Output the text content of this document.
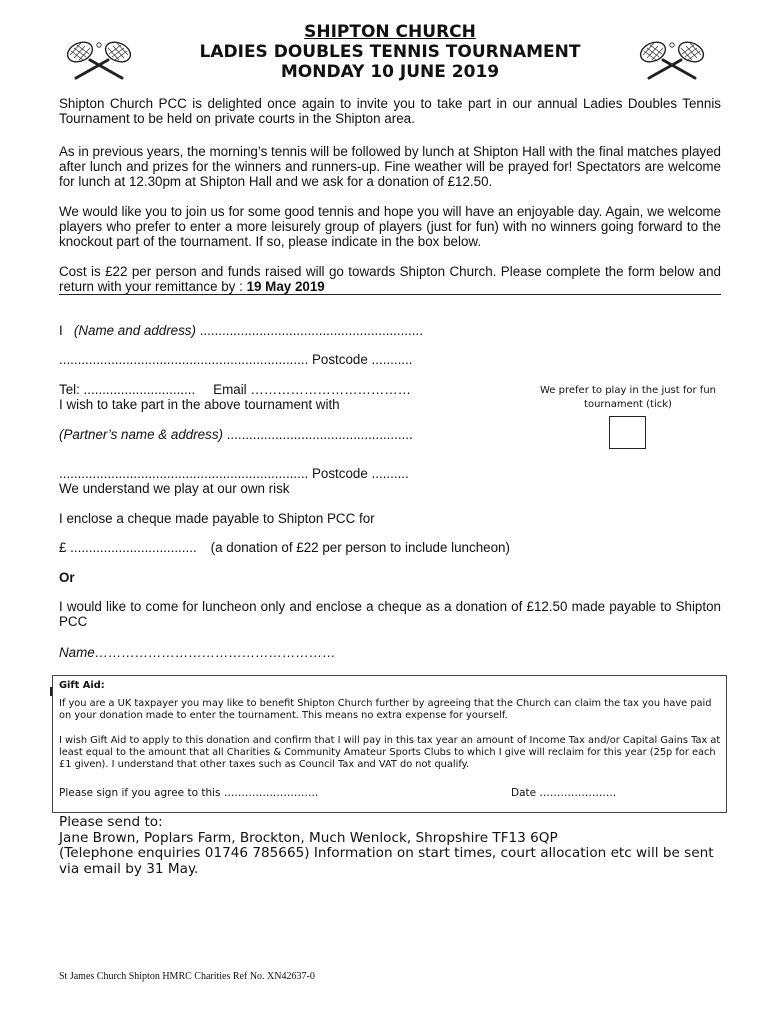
SHIPTON CHURCH
LADIES DOUBLES TENNIS TOURNAMENT
MONDAY 10 JUNE 2019
Shipton Church PCC is delighted once again to invite you to take part in our annual Ladies Doubles Tennis Tournament to be held on private courts in the Shipton area.

As in previous years, the morning’s tennis will be followed by lunch at Shipton Hall with the final matches played after lunch and prizes for the winners and runners-up. Fine weather will be prayed for! Spectators are welcome for lunch at 12.30pm at Shipton Hall and we ask for a donation of £12.50.

We would like you to join us for some good tennis and hope you will have an enjoyable day. Again, we welcome players who prefer to enter a more leisurely group of players (just for fun) with no winners going forward to the knockout part of the tournament. If so, please indicate in the box below.

Cost is £22 per person and funds raised will go towards Shipton Church. Please complete the form below and return with your remittance by : 19 May 2019

I (Name and address) ............................................................

................................................................... Postcode ...........

Tel: .............................. Email ………………………………

I wish to take part in the above tournament with

(Partner’s name & address) ..................................................

................................................................... Postcode ..........

We understand we play at our own risk

I enclose a cheque made payable to Shipton PCC for

£ .................................. (a donation of £22 per person to include luncheon)

Or

I would like to come for luncheon only and enclose a cheque as a donation of £12.50 made payable to Shipton PCC

Name………………………………………………

We prefer to play in the just for fun
tournament (tick)

Gift Aid:

If you are a UK taxpayer you may like to benefit Shipton Church further by agreeing that the Church can claim the tax you have paid on your donation made to enter the tournament. This means no extra expense for yourself.

I wish Gift Aid to apply to this donation and confirm that I will pay in this tax year an amount of Income Tax and/or Capital Gains Tax at least equal to the amount that all Charities & Community Amateur Sports Clubs to which I give will reclaim for this year (25p for each £1 given). I understand that other taxes such as Council Tax and VAT do not qualify.

Please sign if you agree to this ………………………	Date ………………….

Please send to:
Jane Brown, Poplars Farm, Brockton, Much Wenlock, Shropshire TF13 6QP
(Telephone enquiries 01746 785665) Information on start times, court allocation etc will be sent via email by 31 May.

St James Church Shipton HMRC Charities Ref No. XN42637-0
